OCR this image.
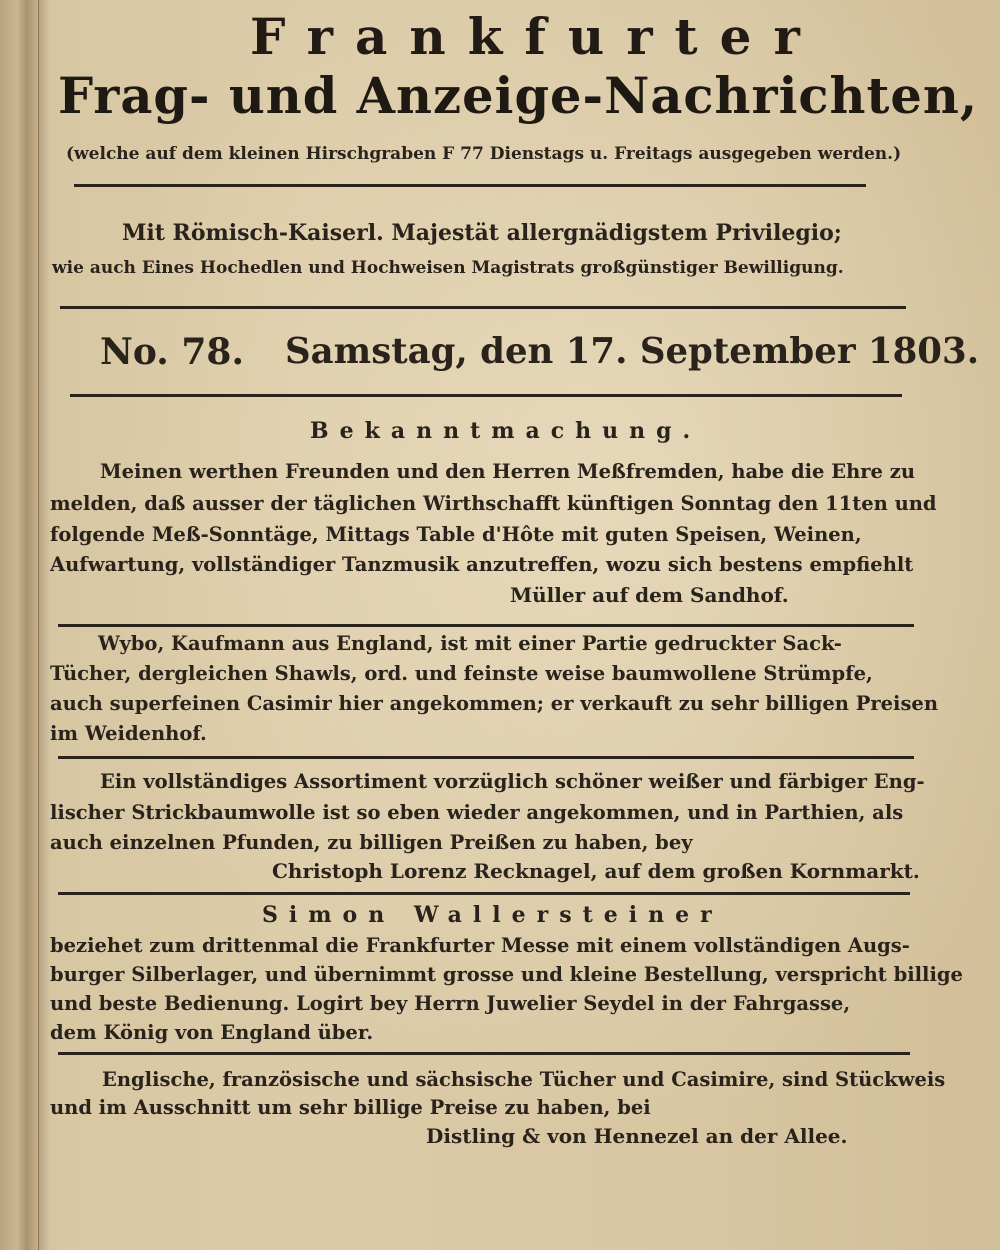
Frankfurter
Frag- und Anzeige-Nachrichten,
(welche auf dem kleinen Hirschgraben F 77 Dienstags u. Freitags ausgegeben werden.)
Mit Römisch-Kaiserl. Majestät allergnädigstem Privilegio;
wie auch Eines Hochedlen und Hochweisen Magistrats großgünstiger Bewilligung.
No. 78. Samstag, den 17. September 1803.
Bekanntmachung.
Meinen werthen Freunden und den Herren Meßfremden, habe die Ehre zu
melden, daß ausser der täglichen Wirthschafft künftigen Sonntag den 11ten und
folgende Meß-Sonntäge, Mittags Table d'Hôte mit guten Speisen, Weinen,
Aufwartung, vollständiger Tanzmusik anzutreffen, wozu sich bestens empfiehlt
Müller auf dem Sandhof.
Wybo, Kaufmann aus England, ist mit einer Partie gedruckter Sack-
Tücher, dergleichen Shawls, ord. und feinste weise baumwollene Strümpfe,
auch superfeinen Casimir hier angekommen; er verkauft zu sehr billigen Preisen
im Weidenhof.
Ein vollständiges Assortiment vorzüglich schöner weißer und färbiger Eng-
lischer Strickbaumwolle ist so eben wieder angekommen, und in Parthien, als
auch einzelnen Pfunden, zu billigen Preißen zu haben, bey
Christoph Lorenz Recknagel, auf dem großen Kornmarkt.
Simon Wallersteiner
beziehet zum drittenmal die Frankfurter Messe mit einem vollständigen Augs-
burger Silberlager, und übernimmt grosse und kleine Bestellung, verspricht billige
und beste Bedienung. Logirt bey Herrn Juwelier Seydel in der Fahrgasse,
dem König von England über.
Englische, französische und sächsische Tücher und Casimire, sind Stückweis
und im Ausschnitt um sehr billige Preise zu haben, bei
Distling & von Hennezel an der Allee.
